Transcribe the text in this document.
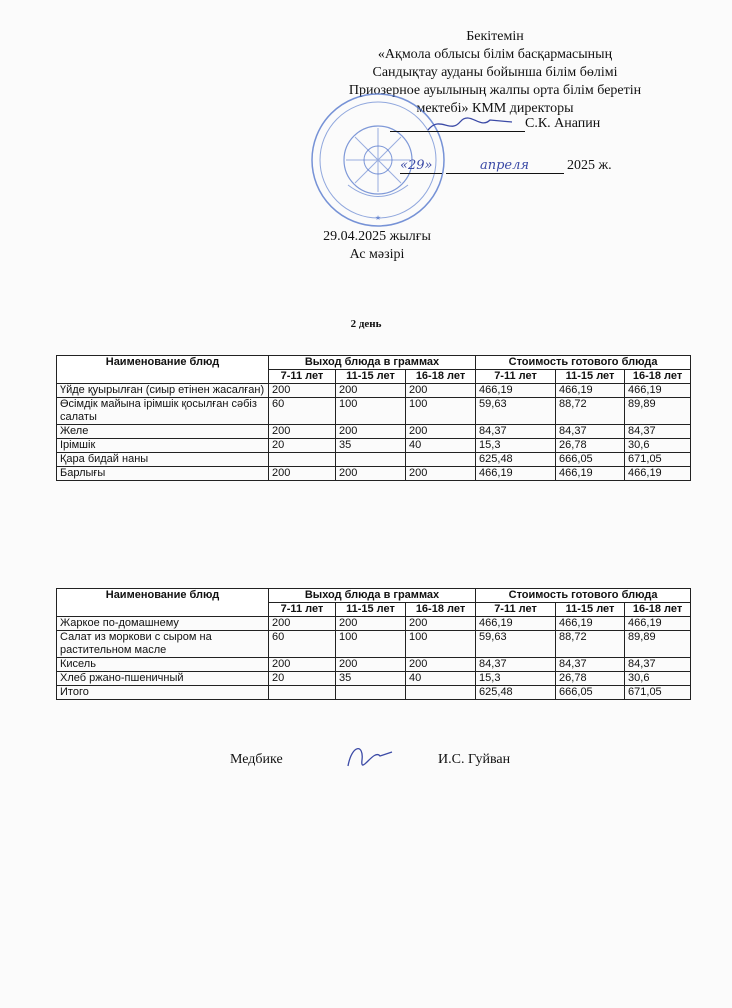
Бекітемін
«Ақмола облысы білім басқармасының
Сандықтау ауданы бойынша білім бөлімі
Приозерное ауылының жалпы орта білім беретін
мектебі» КММ директоры
★
С.К. Анапин
«29»	апреля	2025 ж.
29.04.2025 жылғы
Ас мәзірі
2 день
Наименование блюд	Выход блюда в граммах			Стоимость готового блюда		
	7-11 лет	11-15 лет	16-18 лет	7-11 лет	11-15 лет	16-18 лет
Үйде қуырылған (сиыр етінен жасалған)	200	200	200	466,19	466,19	466,19
Өсімдік майына ірімшік қосылған сәбіз салаты	60	100	100	59,63	88,72	89,89
Желе	200	200	200	84,37	84,37	84,37
Ірімшік	20	35	40	15,3	26,78	30,6
Қара бидай наны				625,48	666,05	671,05
Барлығы	200	200	200	466,19	466,19	466,19
Наименование блюд	Выход блюда в граммах			Стоимость готового блюда		
	7-11 лет	11-15 лет	16-18 лет	7-11 лет	11-15 лет	16-18 лет
Жаркое по-домашнему	200	200	200	466,19	466,19	466,19
Салат из моркови с сыром на растительном масле	60	100	100	59,63	88,72	89,89
Кисель	200	200	200	84,37	84,37	84,37
Хлеб ржано-пшеничный	20	35	40	15,3	26,78	30,6
Итого				625,48	666,05	671,05
Медбике	И.С. Гуйван
